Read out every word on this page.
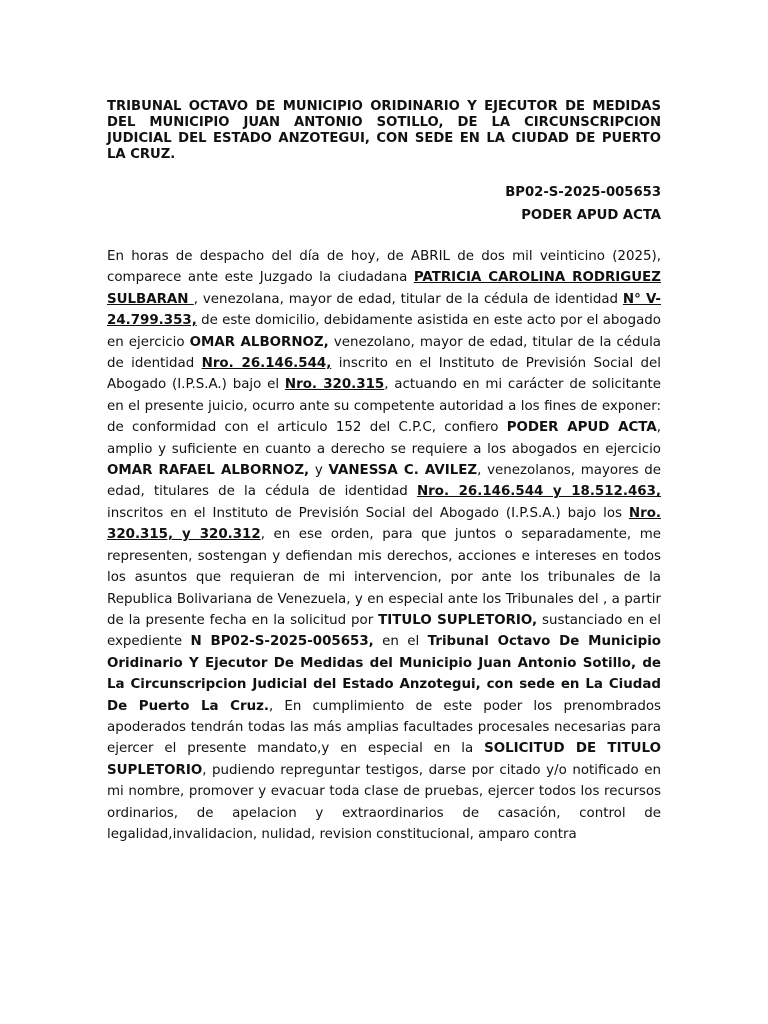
TRIBUNAL OCTAVO DE MUNICIPIO ORIDINARIO Y EJECUTOR DE MEDIDAS DEL MUNICIPIO JUAN ANTONIO SOTILLO, DE LA CIRCUNSCRIPCION JUDICIAL DEL ESTADO ANZOTEGUI, CON SEDE EN LA CIUDAD DE PUERTO LA CRUZ.

BP02-S-2025-005653

PODER APUD ACTA

En horas de despacho del día de hoy, de ABRIL de dos mil veinticino (2025), comparece ante este Juzgado la ciudadana PATRICIA CAROLINA RODRIGUEZ SULBARAN , venezolana, mayor de edad, titular de la cédula de identidad N° V-24.799.353, de este domicilio, debidamente asistida en este acto por el abogado en ejercicio OMAR ALBORNOZ, venezolano, mayor de edad, titular de la cédula de identidad Nro. 26.146.544, inscrito en el Instituto de Previsión Social del Abogado (I.P.S.A.) bajo el Nro. 320.315, actuando en mi carácter de solicitante en el presente juicio, ocurro ante su competente autoridad a los fines de exponer: de conformidad con el articulo 152 del C.P.C, confiero PODER APUD ACTA, amplio y suficiente en cuanto a derecho se requiere a los abogados en ejercicio OMAR RAFAEL ALBORNOZ, y VANESSA C. AVILEZ, venezolanos, mayores de edad, titulares de la cédula de identidad Nro. 26.146.544 y 18.512.463, inscritos en el Instituto de Previsión Social del Abogado (I.P.S.A.) bajo los Nro. 320.315, y 320.312, en ese orden, para que juntos o separadamente, me representen, sostengan y defiendan mis derechos, acciones e intereses en todos los asuntos que requieran de mi intervencion, por ante los tribunales de la Republica Bolivariana de Venezuela, y en especial ante los Tribunales del , a partir de la presente fecha en la solicitud por TITULO SUPLETORIO, sustanciado en el expediente N BP02-S-2025-005653, en el Tribunal Octavo De Municipio Oridinario Y Ejecutor De Medidas del Municipio Juan Antonio Sotillo, de La Circunscripcion Judicial del Estado Anzotegui, con sede en La Ciudad De Puerto La Cruz., En cumplimiento de este poder los prenombrados apoderados tendrán todas las más amplias facultades procesales necesarias para ejercer el presente mandato,y en especial en la SOLICITUD DE TITULO SUPLETORIO, pudiendo repreguntar testigos, darse por citado y/o notificado en mi nombre, promover y evacuar toda clase de pruebas, ejercer todos los recursos ordinarios, de apelacion y extraordinarios de casación, control de legalidad,invalidacion, nulidad, revision constitucional, amparo contra
